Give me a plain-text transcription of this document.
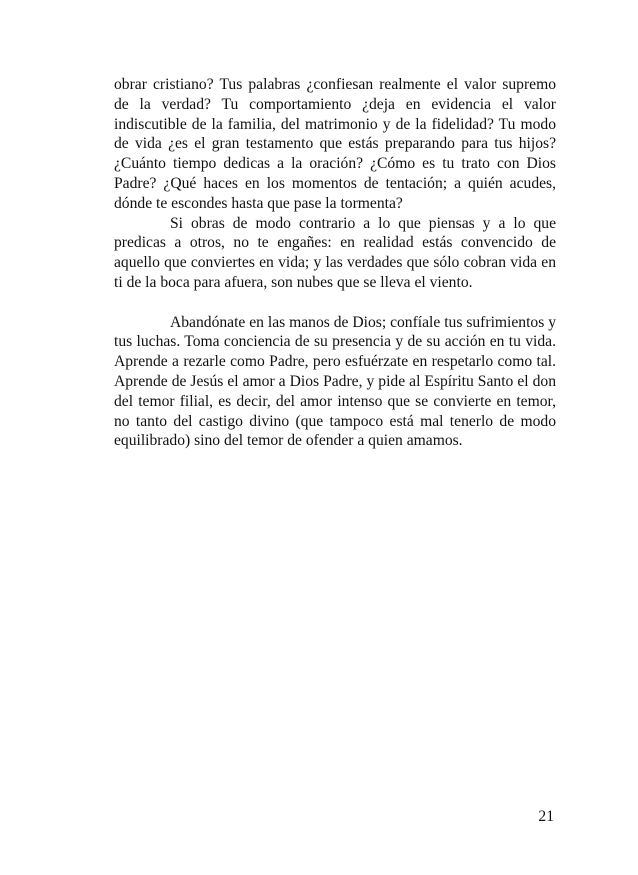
obrar cristiano? Tus palabras ¿confiesan realmente el valor supremo de la verdad? Tu comportamiento ¿deja en evidencia el valor indiscutible de la familia, del matrimonio y de la fidelidad? Tu modo de vida ¿es el gran testamento que estás preparando para tus hijos? ¿Cuánto tiempo dedicas a la oración? ¿Cómo es tu trato con Dios Padre? ¿Qué haces en los momentos de tentación; a quién acudes, dónde te escondes hasta que pase la tormenta?

Si obras de modo contrario a lo que piensas y a lo que predicas a otros, no te engañes: en realidad estás convencido de aquello que conviertes en vida; y las verdades que sólo cobran vida en ti de la boca para afuera, son nubes que se lleva el viento.

Abandónate en las manos de Dios; confíale tus sufrimientos y tus luchas. Toma conciencia de su presencia y de su acción en tu vida. Aprende a rezarle como Padre, pero esfuérzate en respetarlo como tal. Aprende de Jesús el amor a Dios Padre, y pide al Espíritu Santo el don del temor filial, es decir, del amor intenso que se convierte en temor, no tanto del castigo divino (que tampoco está mal tenerlo de modo equilibrado) sino del temor de ofender a quien amamos.

21
